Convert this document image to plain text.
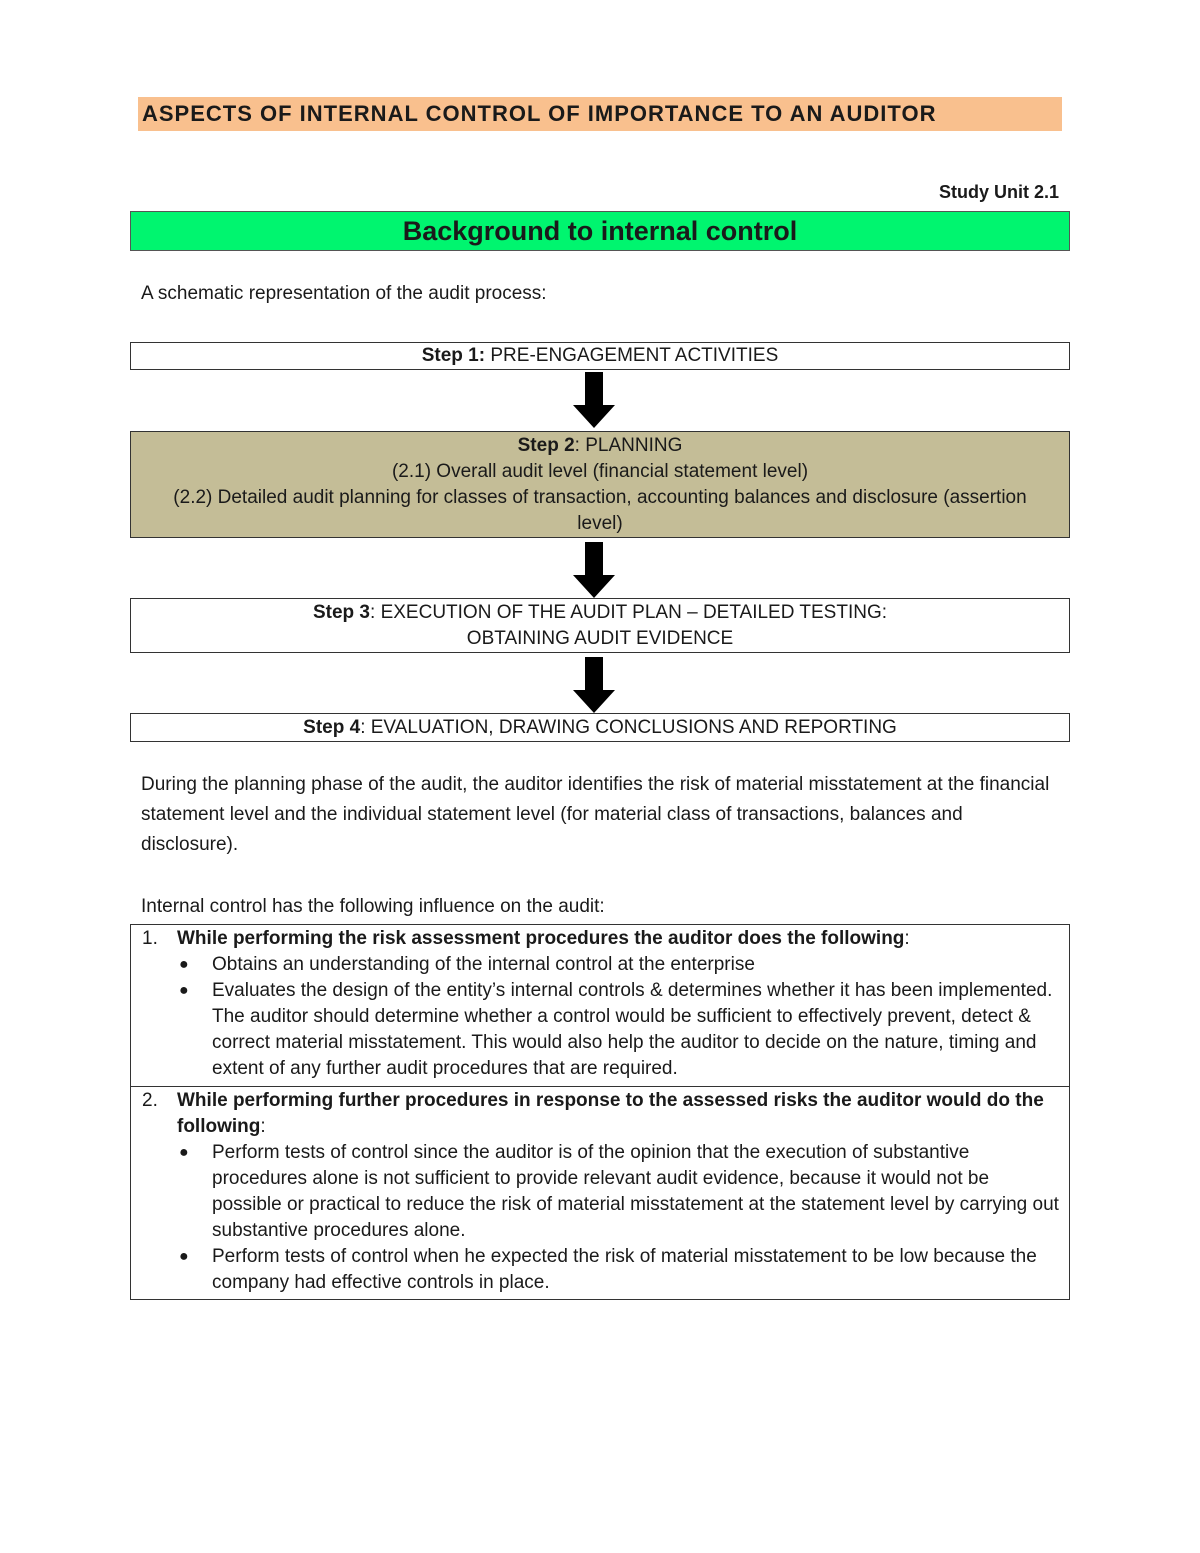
ASPECTS OF INTERNAL CONTROL OF IMPORTANCE TO AN AUDITOR
Study Unit 2.1
Background to internal control
A schematic representation of the audit process:
Step 1: PRE-ENGAGEMENT ACTIVITIES
Step 2: PLANNING
(2.1) Overall audit level (financial statement level)
(2.2) Detailed audit planning for classes of transaction, accounting balances and disclosure (assertion level)
Step 3: EXECUTION OF THE AUDIT PLAN – DETAILED TESTING:
OBTAINING AUDIT EVIDENCE
Step 4: EVALUATION, DRAWING CONCLUSIONS AND REPORTING
During the planning phase of the audit, the auditor identifies the risk of material misstatement at the financial statement level and the individual statement level (for material class of transactions, balances and disclosure).
Internal control has the following influence on the audit:
1. While performing the risk assessment procedures the auditor does the following:
● Obtains an understanding of the internal control at the enterprise
● Evaluates the design of the entity’s internal controls & determines whether it has been implemented. The auditor should determine whether a control would be sufficient to effectively prevent, detect & correct material misstatement. This would also help the auditor to decide on the nature, timing and extent of any further audit procedures that are required.
2. While performing further procedures in response to the assessed risks the auditor would do the following:
● Perform tests of control since the auditor is of the opinion that the execution of substantive procedures alone is not sufficient to provide relevant audit evidence, because it would not be possible or practical to reduce the risk of material misstatement at the statement level by carrying out substantive procedures alone.
● Perform tests of control when he expected the risk of material misstatement to be low because the company had effective controls in place.
